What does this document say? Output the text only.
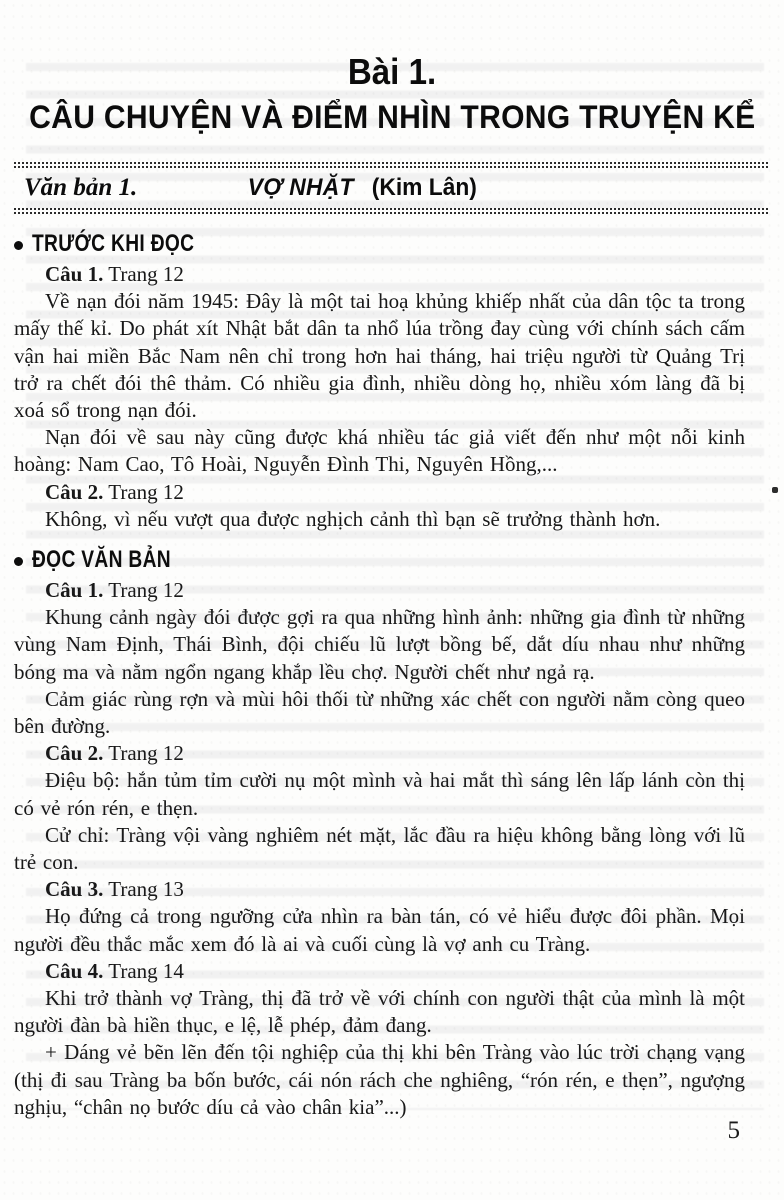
Bài 1.
CÂU CHUYỆN VÀ ĐIỂM NHÌN TRONG TRUYỆN KỂ
Văn bản 1.	VỢ NHẶT (Kim Lân)
TRƯỚC KHI ĐỌC

Câu 1. Trang 12

Về nạn đói năm 1945: Đây là một tai hoạ khủng khiếp nhất của dân tộc ta trong mấy thế kỉ. Do phát xít Nhật bắt dân ta nhổ lúa trồng đay cùng với chính sách cấm vận hai miền Bắc Nam nên chỉ trong hơn hai tháng, hai triệu người từ Quảng Trị trở ra chết đói thê thảm. Có nhiều gia đình, nhiều dòng họ, nhiều xóm làng đã bị xoá sổ trong nạn đói.

Nạn đói về sau này cũng được khá nhiều tác giả viết đến như một nỗi kinh hoàng: Nam Cao, Tô Hoài, Nguyễn Đình Thi, Nguyên Hồng,...

Câu 2. Trang 12

Không, vì nếu vượt qua được nghịch cảnh thì bạn sẽ trưởng thành hơn.

ĐỌC VĂN BẢN

Câu 1. Trang 12

Khung cảnh ngày đói được gợi ra qua những hình ảnh: những gia đình từ những vùng Nam Định, Thái Bình, đội chiếu lũ lượt bồng bế, dắt díu nhau như những bóng ma và nằm ngổn ngang khắp lều chợ. Người chết như ngả rạ.

Cảm giác rùng rợn và mùi hôi thối từ những xác chết con người nằm còng queo bên đường.

Câu 2. Trang 12

Điệu bộ: hắn tủm tỉm cười nụ một mình và hai mắt thì sáng lên lấp lánh còn thị có vẻ rón rén, e thẹn.

Cử chỉ: Tràng vội vàng nghiêm nét mặt, lắc đầu ra hiệu không bằng lòng với lũ trẻ con.

Câu 3. Trang 13

Họ đứng cả trong ngưỡng cửa nhìn ra bàn tán, có vẻ hiểu được đôi phần. Mọi người đều thắc mắc xem đó là ai và cuối cùng là vợ anh cu Tràng.

Câu 4. Trang 14

Khi trở thành vợ Tràng, thị đã trở về với chính con người thật của mình là một người đàn bà hiền thục, e lệ, lễ phép, đảm đang.

+ Dáng vẻ bẽn lẽn đến tội nghiệp của thị khi bên Tràng vào lúc trời chạng vạng (thị đi sau Tràng ba bốn bước, cái nón rách che nghiêng, “rón rén, e thẹn”, ngượng nghịu, “chân nọ bước díu cả vào chân kia”...)

5
